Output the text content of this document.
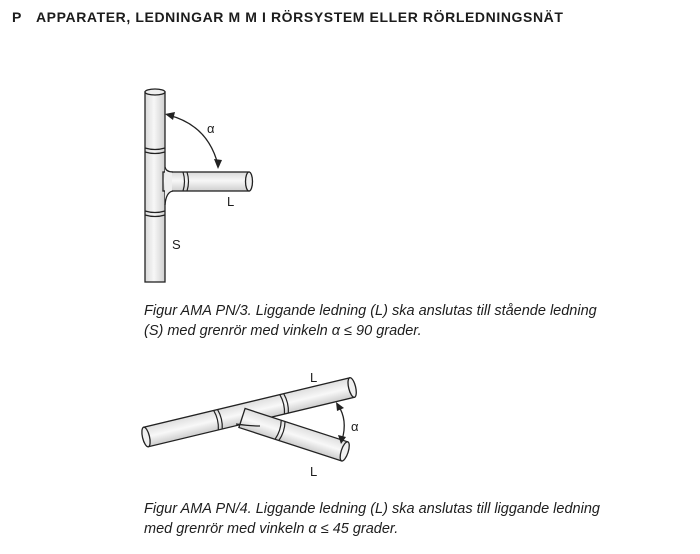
P APPARATER, LEDNINGAR M M I RÖRSYSTEM ELLER RÖRLEDNINGSNÄT
α
L
S
Figur AMA PN/3. Liggande ledning (L) ska anslutas till stående ledning
(S) med grenrör med vinkeln α ≤ 90 grader.
L
α
L
Figur AMA PN/4. Liggande ledning (L) ska anslutas till liggande ledning
med grenrör med vinkeln α ≤ 45 grader.
